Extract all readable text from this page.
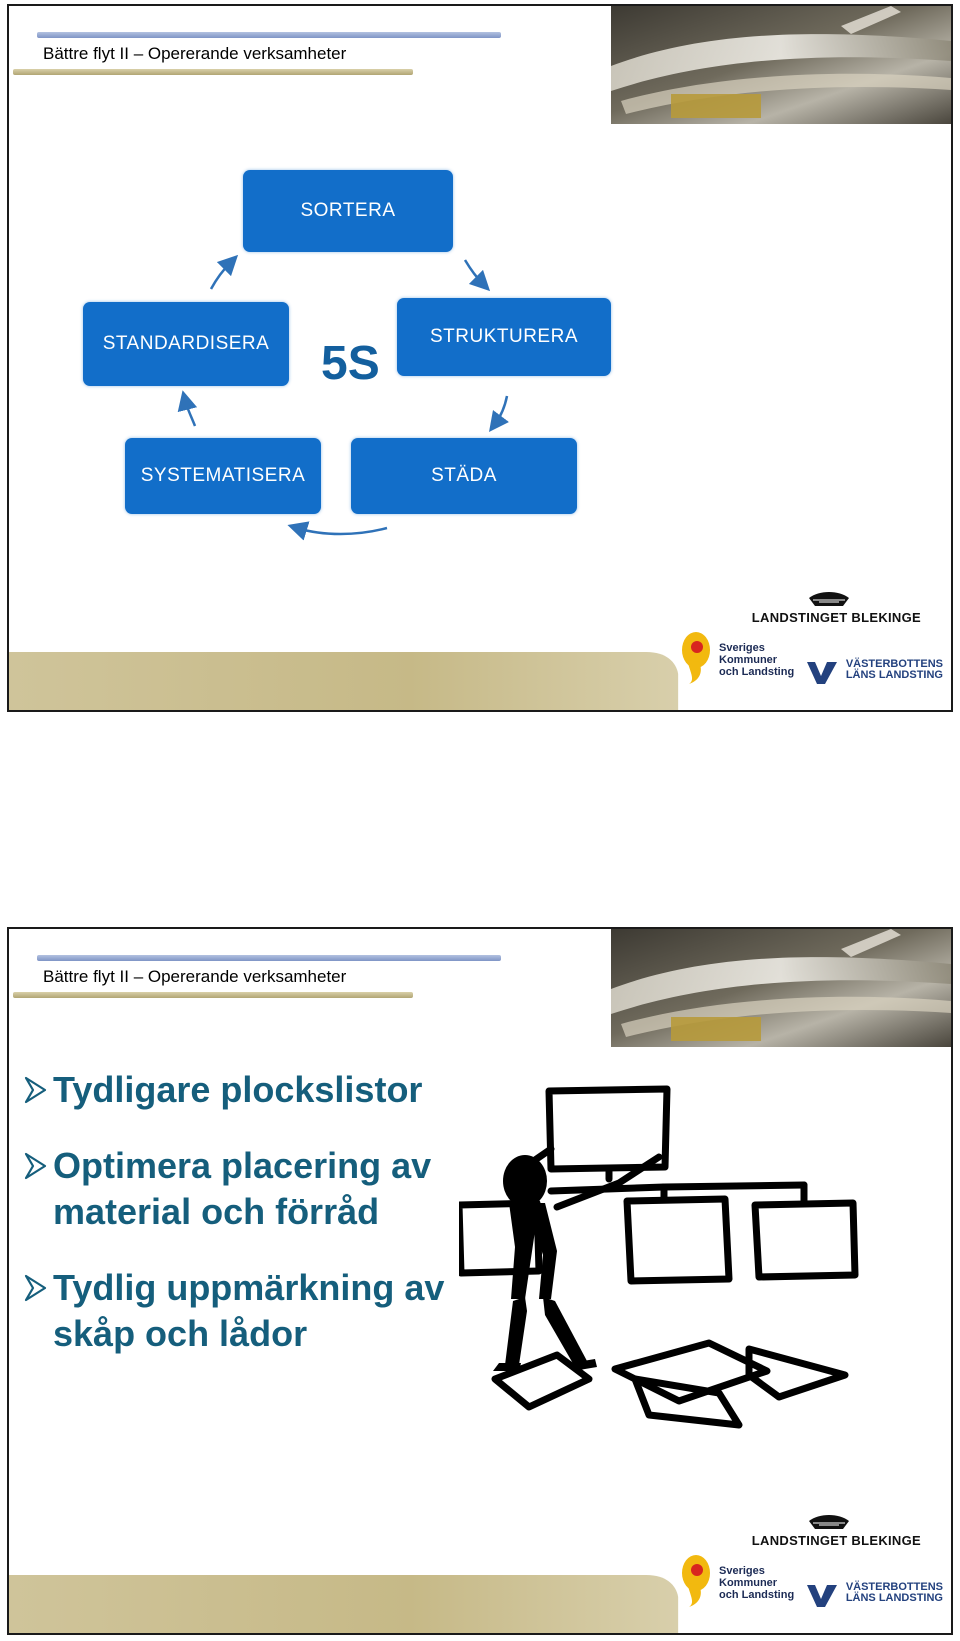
Bättre flyt II – Opererande verksamheter
SORTERA
STRUKTURERA
STÄDA
SYSTEMATISERA
STANDARDISERA	5S
LANDSTINGET BLEKINGE
Sveriges
Kommuner
och Landsting
VÄSTERBOTTENS
LÄNS LANDSTING
Bättre flyt II – Opererande verksamheter
Tydligare plockslistor
Optimera placering av material och förråd
Tydlig uppmärkning av skåp och lådor
LANDSTINGET BLEKINGE
Sveriges
Kommuner
och Landsting
VÄSTERBOTTENS
LÄNS LANDSTING
